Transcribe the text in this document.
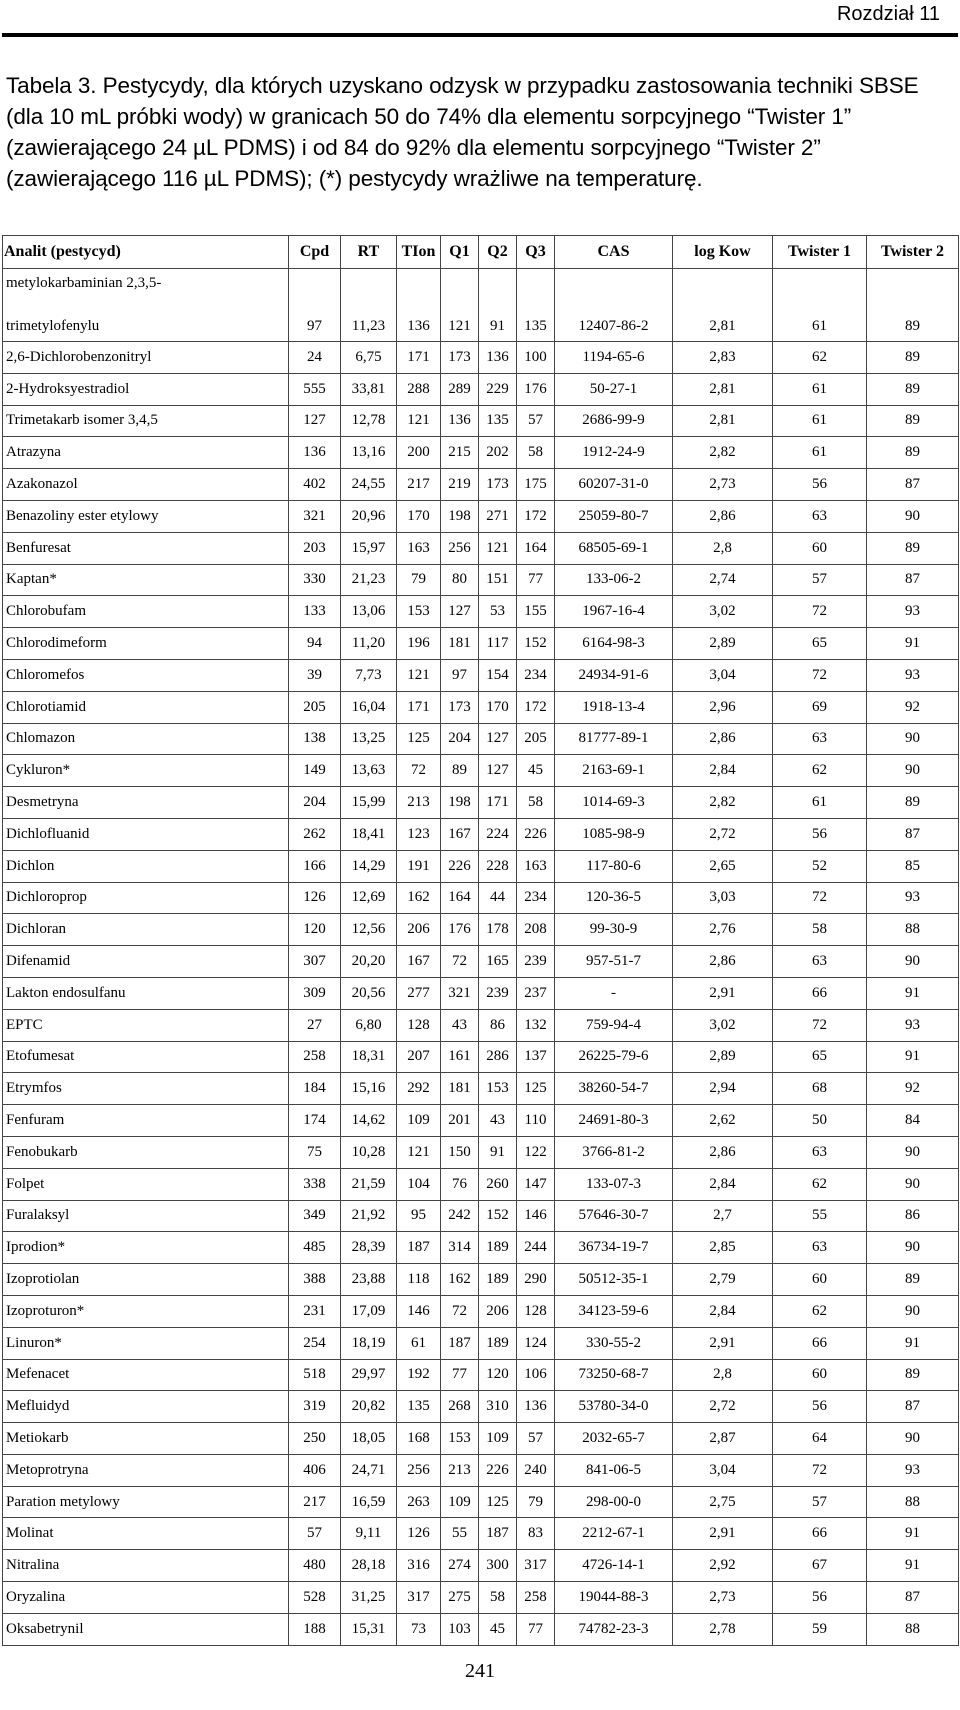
Rozdział 11

Tabela 3. Pestycydy, dla których uzyskano odzysk w przypadku zastosowania techniki SBSE (dla 10 mL próbki wody) w granicach 50 do 74% dla elementu sorpcyjnego “Twister 1” (zawierającego 24 µL PDMS) i od 84 do 92% dla elementu sorpcyjnego “Twister 2” (zawierającego 116 µL PDMS); (*) pestycydy wrażliwe na temperaturę.

Analit (pestycyd)	Cpd	RT	TIon	Q1	Q2	Q3	CAS	log Kow	Twister 1	Twister 2

metylokarbaminian 2,3,5-
trimetylofenylu	97	11,23	136	121	91	135	12407-86-2	2,81	61	89
2,6-Dichlorobenzonitryl	24	6,75	171	173	136	100	1194-65-6	2,83	62	89
2-Hydroksyestradiol	555	33,81	288	289	229	176	50-27-1	2,81	61	89
Trimetakarb isomer 3,4,5	127	12,78	121	136	135	57	2686-99-9	2,81	61	89
Atrazyna	136	13,16	200	215	202	58	1912-24-9	2,82	61	89
Azakonazol	402	24,55	217	219	173	175	60207-31-0	2,73	56	87
Benazoliny ester etylowy	321	20,96	170	198	271	172	25059-80-7	2,86	63	90
Benfuresat	203	15,97	163	256	121	164	68505-69-1	2,8	60	89
Kaptan*	330	21,23	79	80	151	77	133-06-2	2,74	57	87
Chlorobufam	133	13,06	153	127	53	155	1967-16-4	3,02	72	93
Chlorodimeform	94	11,20	196	181	117	152	6164-98-3	2,89	65	91
Chloromefos	39	7,73	121	97	154	234	24934-91-6	3,04	72	93
Chlorotiamid	205	16,04	171	173	170	172	1918-13-4	2,96	69	92
Chlomazon	138	13,25	125	204	127	205	81777-89-1	2,86	63	90
Cykluron*	149	13,63	72	89	127	45	2163-69-1	2,84	62	90
Desmetryna	204	15,99	213	198	171	58	1014-69-3	2,82	61	89
Dichlofluanid	262	18,41	123	167	224	226	1085-98-9	2,72	56	87
Dichlon	166	14,29	191	226	228	163	117-80-6	2,65	52	85
Dichloroprop	126	12,69	162	164	44	234	120-36-5	3,03	72	93
Dichloran	120	12,56	206	176	178	208	99-30-9	2,76	58	88
Difenamid	307	20,20	167	72	165	239	957-51-7	2,86	63	90
Lakton endosulfanu	309	20,56	277	321	239	237	-	2,91	66	91
EPTC	27	6,80	128	43	86	132	759-94-4	3,02	72	93
Etofumesat	258	18,31	207	161	286	137	26225-79-6	2,89	65	91
Etrymfos	184	15,16	292	181	153	125	38260-54-7	2,94	68	92
Fenfuram	174	14,62	109	201	43	110	24691-80-3	2,62	50	84
Fenobukarb	75	10,28	121	150	91	122	3766-81-2	2,86	63	90
Folpet	338	21,59	104	76	260	147	133-07-3	2,84	62	90
Furalaksyl	349	21,92	95	242	152	146	57646-30-7	2,7	55	86
Iprodion*	485	28,39	187	314	189	244	36734-19-7	2,85	63	90
Izoprotiolan	388	23,88	118	162	189	290	50512-35-1	2,79	60	89
Izoproturon*	231	17,09	146	72	206	128	34123-59-6	2,84	62	90
Linuron*	254	18,19	61	187	189	124	330-55-2	2,91	66	91
Mefenacet	518	29,97	192	77	120	106	73250-68-7	2,8	60	89
Mefluidyd	319	20,82	135	268	310	136	53780-34-0	2,72	56	87
Metiokarb	250	18,05	168	153	109	57	2032-65-7	2,87	64	90
Metoprotryna	406	24,71	256	213	226	240	841-06-5	3,04	72	93
Paration metylowy	217	16,59	263	109	125	79	298-00-0	2,75	57	88
Molinat	57	9,11	126	55	187	83	2212-67-1	2,91	66	91
Nitralina	480	28,18	316	274	300	317	4726-14-1	2,92	67	91
Oryzalina	528	31,25	317	275	58	258	19044-88-3	2,73	56	87
Oksabetrynil	188	15,31	73	103	45	77	74782-23-3	2,78	59	88
241
